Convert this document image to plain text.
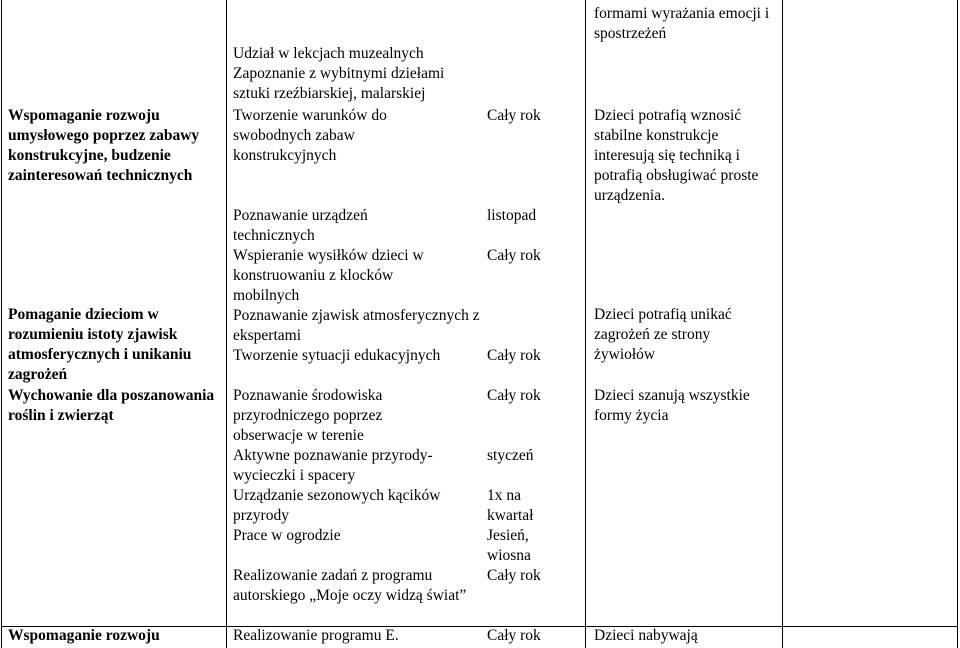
Wspomaganie rozwoju umysłowego poprzez zabawy konstrukcyjne, budzenie zainteresowań technicznych
Pomaganie dzieciom w rozumieniu istoty zjawisk atmosferycznych i unikaniu zagrożeń
Wychowanie dla poszanowania roślin i zwierząt
Wspomaganie rozwoju
Udział w lekcjach muzealnych
Zapoznanie z wybitnymi dziełami sztuki rzeźbiarskiej, malarskiej
Tworzenie warunków do swobodnych zabaw konstrukcyjnych
Poznawanie urządzeń technicznych
Wspieranie wysiłków dzieci w konstruowaniu z klocków mobilnych
Poznawanie zjawisk atmosferycznych z ekspertami
Tworzenie sytuacji edukacyjnych
Poznawanie środowiska przyrodniczego poprzez obserwacje w terenie
Aktywne poznawanie przyrody- wycieczki i spacery
Urządzanie sezonowych kącików przyrody
Prace w ogrodzie
Realizowanie zadań z programu autorskiego „Moje oczy widzą świat”
Realizowanie programu E.
Cały rok
listopad
Cały rok
Cały rok
Cały rok
styczeń
1x na kwartał
Jesień, wiosna
Cały rok
Cały rok
formami wyrażania emocji i spostrzeżeń
Dzieci potrafią wznosić stabilne konstrukcje interesują się techniką i potrafią obsługiwać proste urządzenia.
Dzieci potrafią unikać zagrożeń ze strony żywiołów
Dzieci szanują wszystkie formy życia
Dzieci nabywają
